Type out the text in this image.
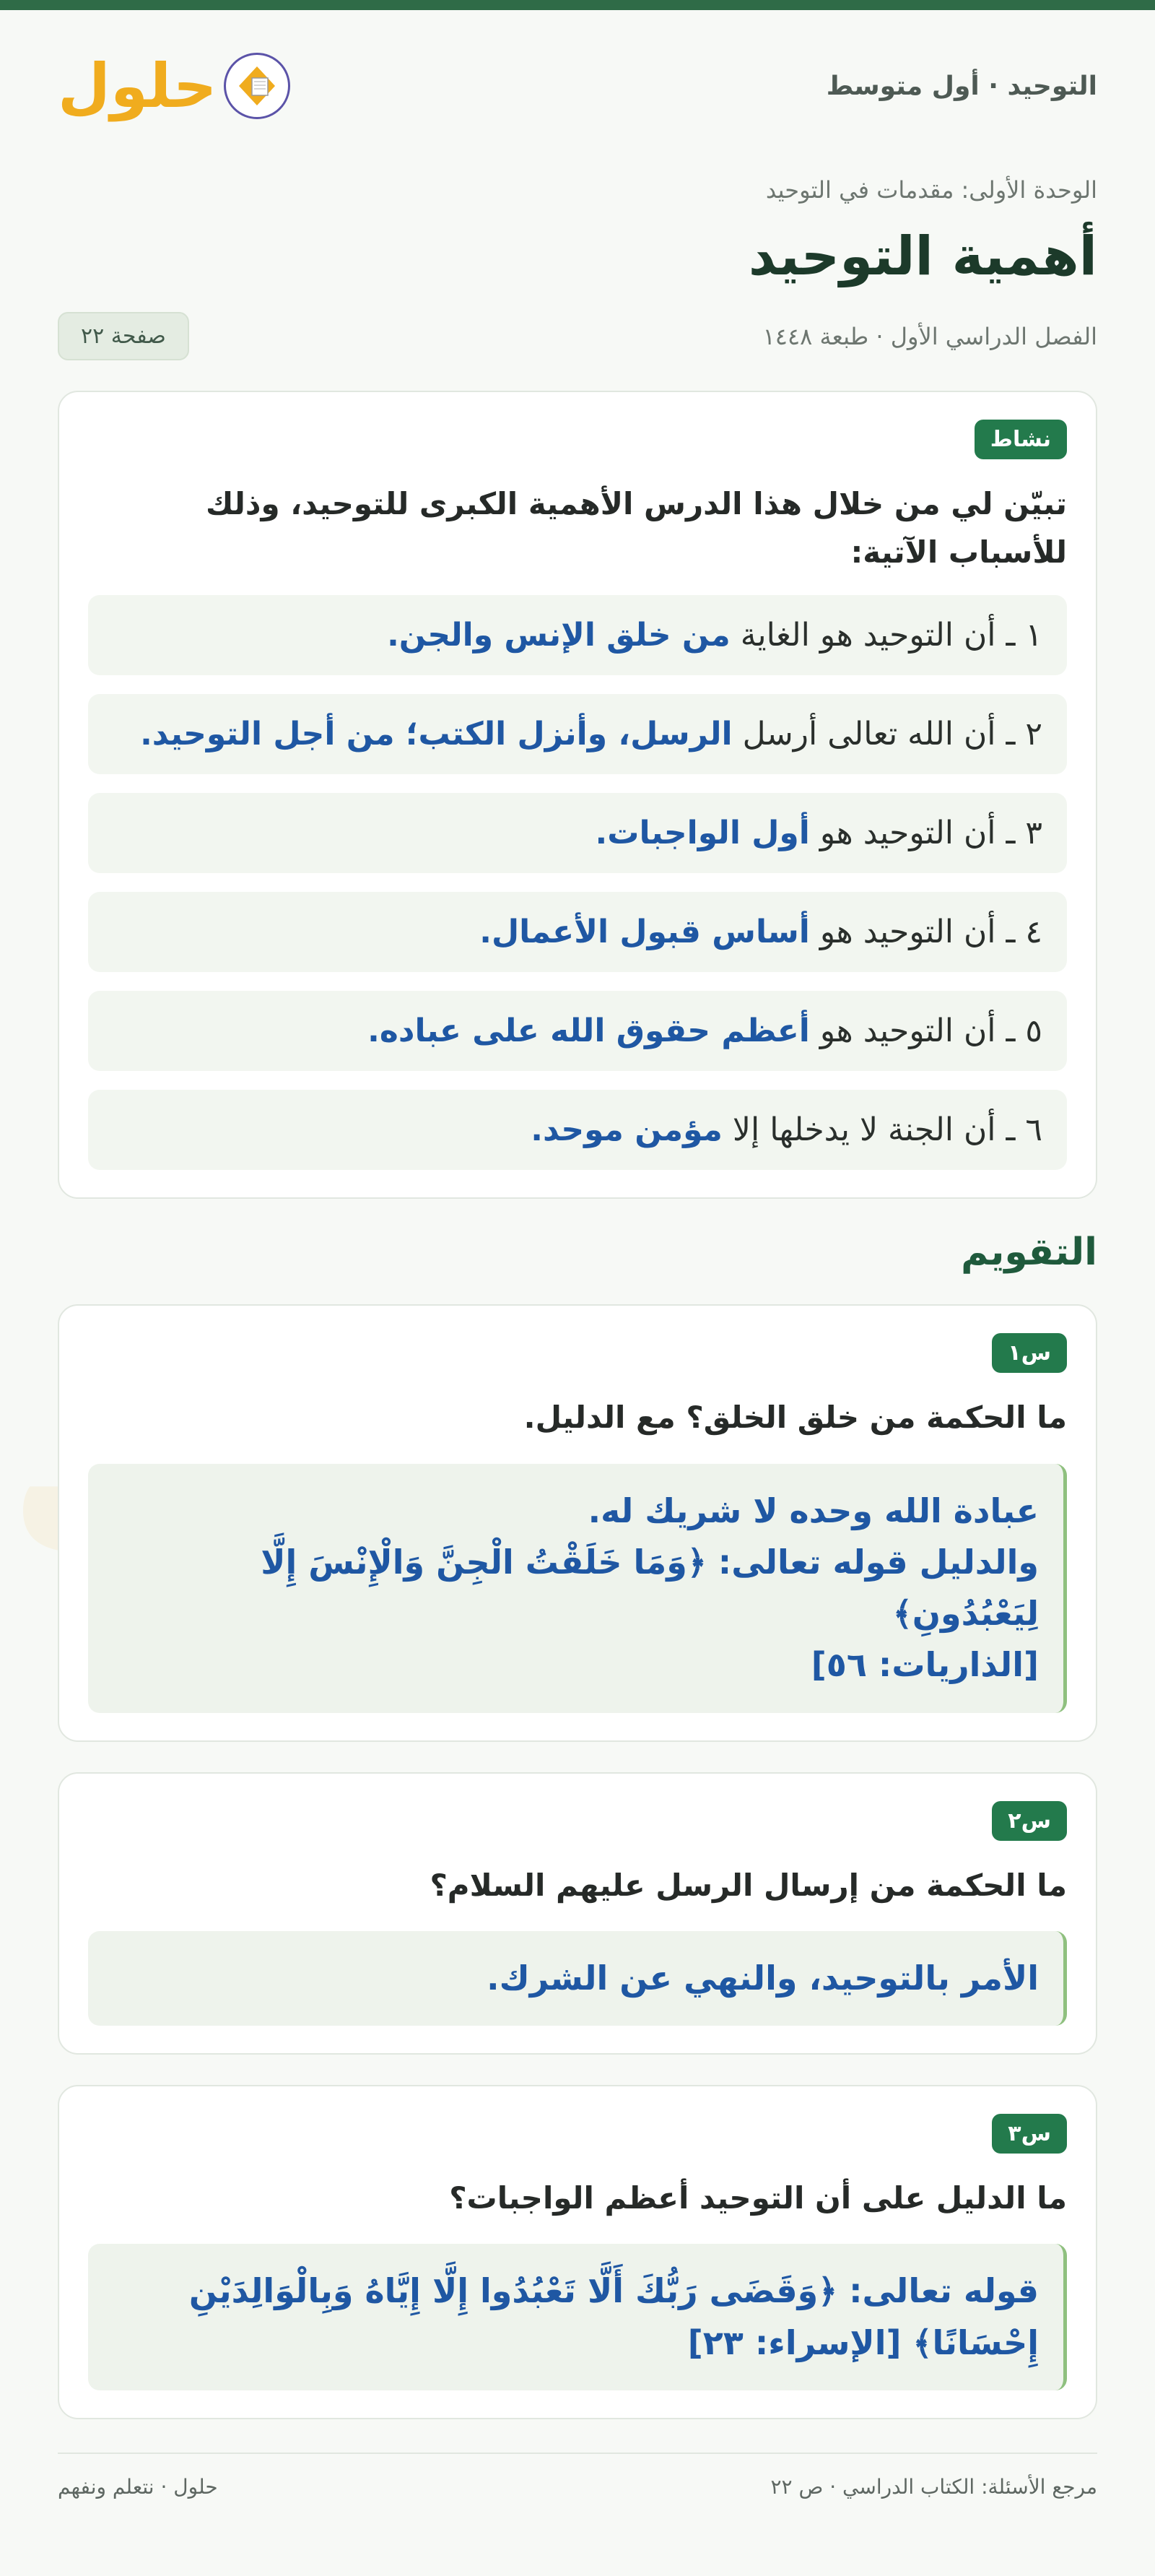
التوحيد · أول متوسط
حلول
الوحدة الأولى: مقدمات في التوحيد
أهمية التوحيد
الفصل الدراسي الأول · طبعة ١٤٤٨
صفحة ٢٢
نشاط
تبيّن لي من خلال هذا الدرس الأهمية الكبرى للتوحيد، وذلك للأسباب الآتية:
١ ـ أن التوحيد هو الغاية من خلق الإنس والجن.
٢ ـ أن الله تعالى أرسل الرسل، وأنزل الكتب؛ من أجل التوحيد.
٣ ـ أن التوحيد هو أول الواجبات.
٤ ـ أن التوحيد هو أساس قبول الأعمال.
٥ ـ أن التوحيد هو أعظم حقوق الله على عباده.
٦ ـ أن الجنة لا يدخلها إلا مؤمن موحد.
التقويم
س١
ما الحكمة من خلق الخلق؟ مع الدليل.

عبادة الله وحده لا شريك له.

والدليل قوله تعالى: ﴿وَمَا خَلَقْتُ الْجِنَّ وَالْإِنْسَ إِلَّا لِيَعْبُدُونِ﴾

[الذاريات: ٥٦]

س٢
ما الحكمة من إرسال الرسل عليهم السلام؟

الأمر بالتوحيد، والنهي عن الشرك.

س٣
ما الدليل على أن التوحيد أعظم الواجبات؟

قوله تعالى: ﴿وَقَضَى رَبُّكَ أَلَّا تَعْبُدُوا إِلَّا إِيَّاهُ وَبِالْوَالِدَيْنِ

إِحْسَانًا﴾ [الإسراء: ٢٣]

مرجع الأسئلة: الكتاب الدراسي · ص ٢٢
حلول · نتعلم ونفهم
